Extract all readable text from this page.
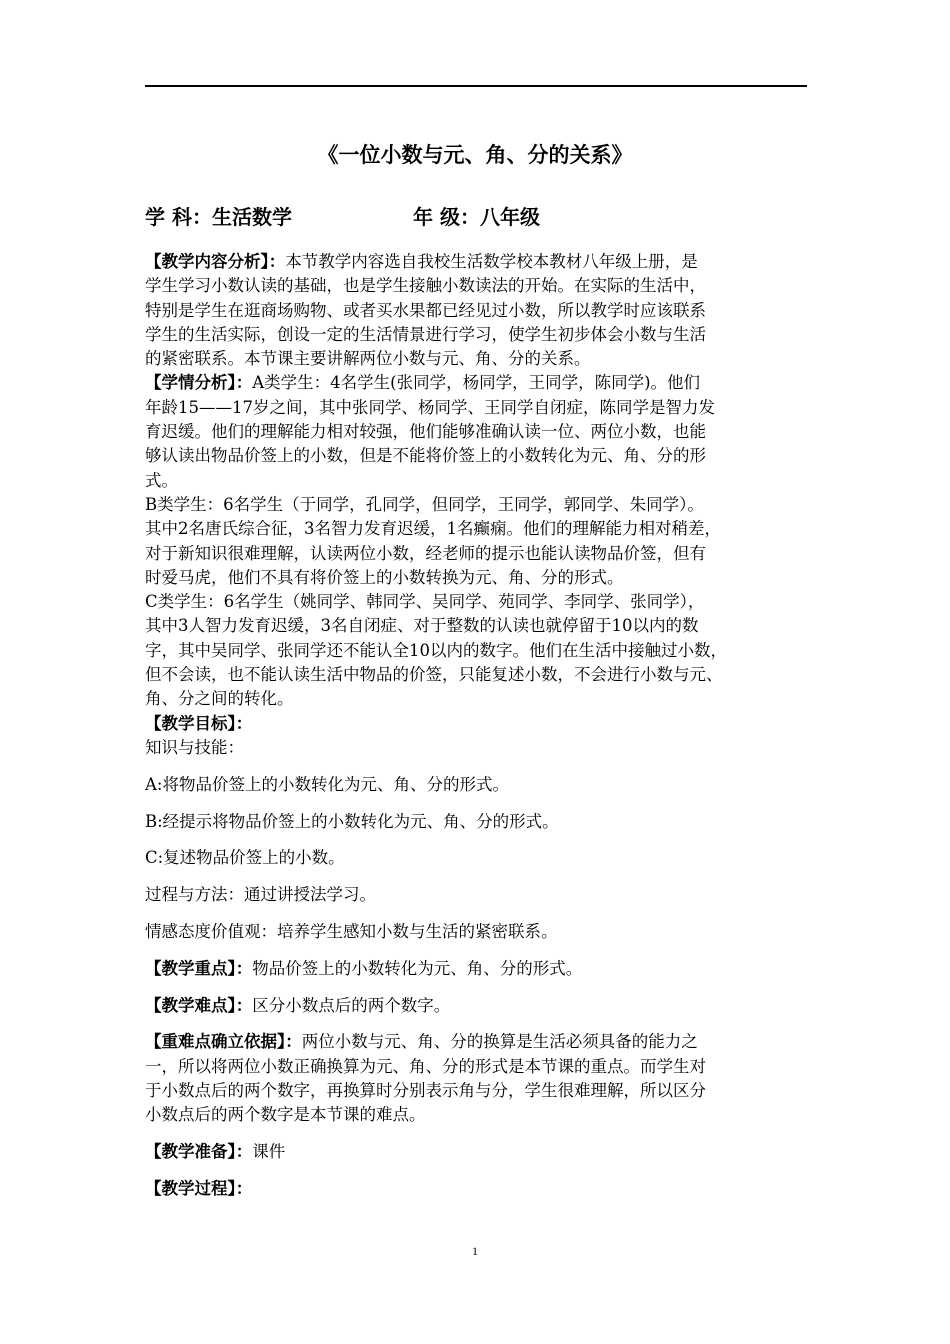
《一位小数与元、角、分的关系》
学 科：生活数学	年 级：八年级

【教学内容分析】：本节教学内容选自我校生活数学校本教材八年级上册，是

学生学习小数认读的基础，也是学生接触小数读法的开始。在实际的生活中，

特别是学生在逛商场购物、或者买水果都已经见过小数，所以教学时应该联系

学生的生活实际，创设一定的生活情景进行学习，使学生初步体会小数与生活

的紧密联系。本节课主要讲解两位小数与元、角、分的关系。

【学情分析】：A类学生：4名学生(张同学，杨同学，王同学，陈同学)。他们

年龄15——17岁之间，其中张同学、杨同学、王同学自闭症，陈同学是智力发

育迟缓。他们的理解能力相对较强，他们能够准确认读一位、两位小数，也能

够认读出物品价签上的小数，但是不能将价签上的小数转化为元、角、分的形

式。

B类学生：6名学生（于同学，孔同学，但同学，王同学，郭同学、朱同学）。

其中2名唐氏综合征，3名智力发育迟缓，1名癫痫。他们的理解能力相对稍差，

对于新知识很难理解，认读两位小数，经老师的提示也能认读物品价签，但有

时爱马虎，他们不具有将价签上的小数转换为元、角、分的形式。

C类学生：6名学生（姚同学、韩同学、吴同学、苑同学、李同学、张同学），

其中3人智力发育迟缓，3名自闭症、对于整数的认读也就停留于10以内的数

字，其中吴同学、张同学还不能认全10以内的数字。他们在生活中接触过小数，

但不会读，也不能认读生活中物品的价签，只能复述小数，不会进行小数与元、

角、分之间的转化。

【教学目标】：

知识与技能：

A:将物品价签上的小数转化为元、角、分的形式。

B:经提示将物品价签上的小数转化为元、角、分的形式。

C:复述物品价签上的小数。

过程与方法：通过讲授法学习。

情感态度价值观：培养学生感知小数与生活的紧密联系。

【教学重点】：物品价签上的小数转化为元、角、分的形式。

【教学难点】：区分小数点后的两个数字。

【重难点确立依据】：两位小数与元、角、分的换算是生活必须具备的能力之

一，所以将两位小数正确换算为元、角、分的形式是本节课的重点。而学生对

于小数点后的两个数字，再换算时分别表示角与分，学生很难理解，所以区分

小数点后的两个数字是本节课的难点。

【教学准备】：课件

【教学过程】：

1
